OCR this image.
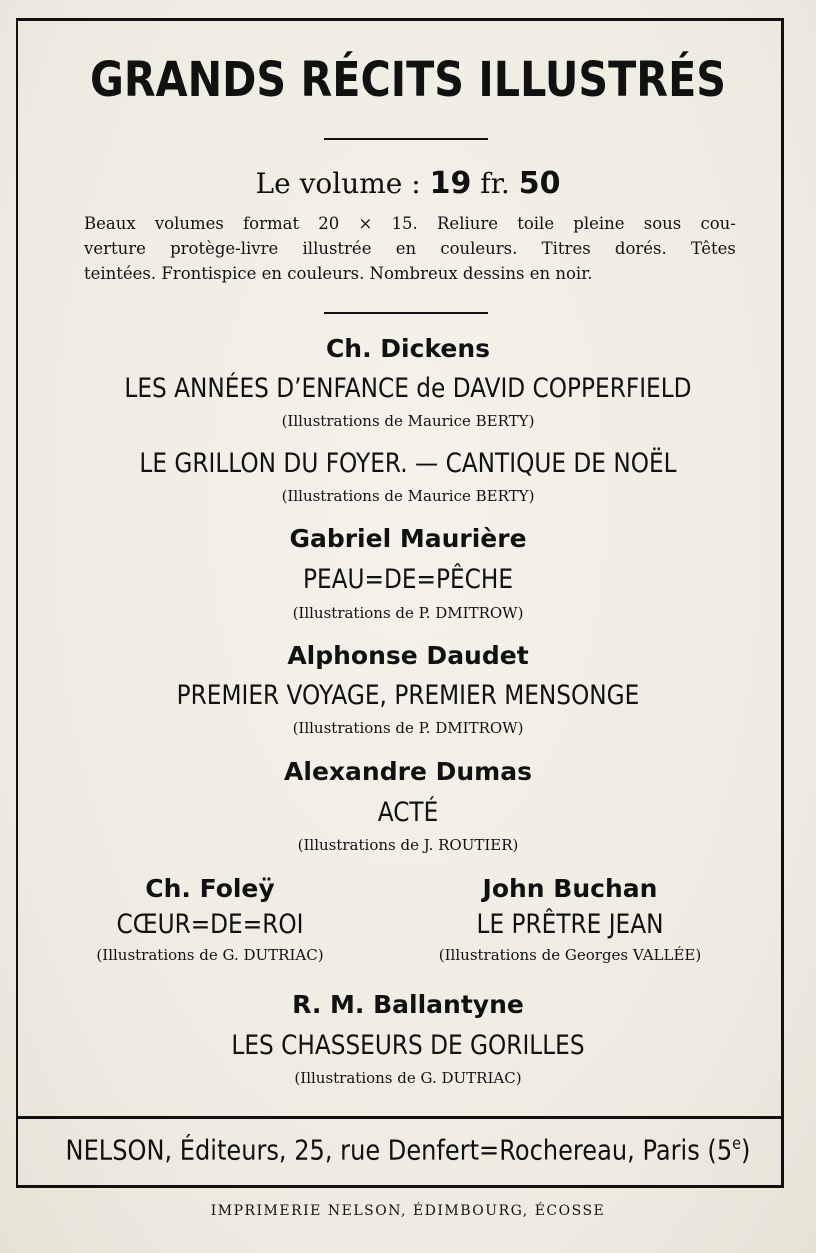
GRANDS RÉCITS ILLUSTRÉS
Le volume : 19 fr. 50

Beaux volumes format 20 × 15. Reliure toile pleine sous cou-

verture protège-livre illustrée en couleurs. Titres dorés. Têtes

teintées. Frontispice en couleurs. Nombreux dessins en noir.

Ch. Dickens
LES ANNÉES D’ENFANCE de DAVID COPPERFIELD
(Illustrations de Maurice BERTY)
LE GRILLON DU FOYER. — CANTIQUE DE NOËL
(Illustrations de Maurice BERTY)
Gabriel Maurière
PEAU=DE=PÊCHE
(Illustrations de P. DMITROW)
Alphonse Daudet
PREMIER VOYAGE, PREMIER MENSONGE
(Illustrations de P. DMITROW)
Alexandre Dumas
ACTÉ
(Illustrations de J. ROUTIER)
Ch. Foleÿ
CŒUR=DE=ROI
(Illustrations de G. DUTRIAC)
John Buchan
LE PRÊTRE JEAN
(Illustrations de Georges VALLÉE)
R. M. Ballantyne
LES CHASSEURS DE GORILLES
(Illustrations de G. DUTRIAC)
NELSON, Éditeurs, 25, rue Denfert=Rochereau, Paris (5e)
IMPRIMERIE NELSON, ÉDIMBOURG, ÉCOSSE
